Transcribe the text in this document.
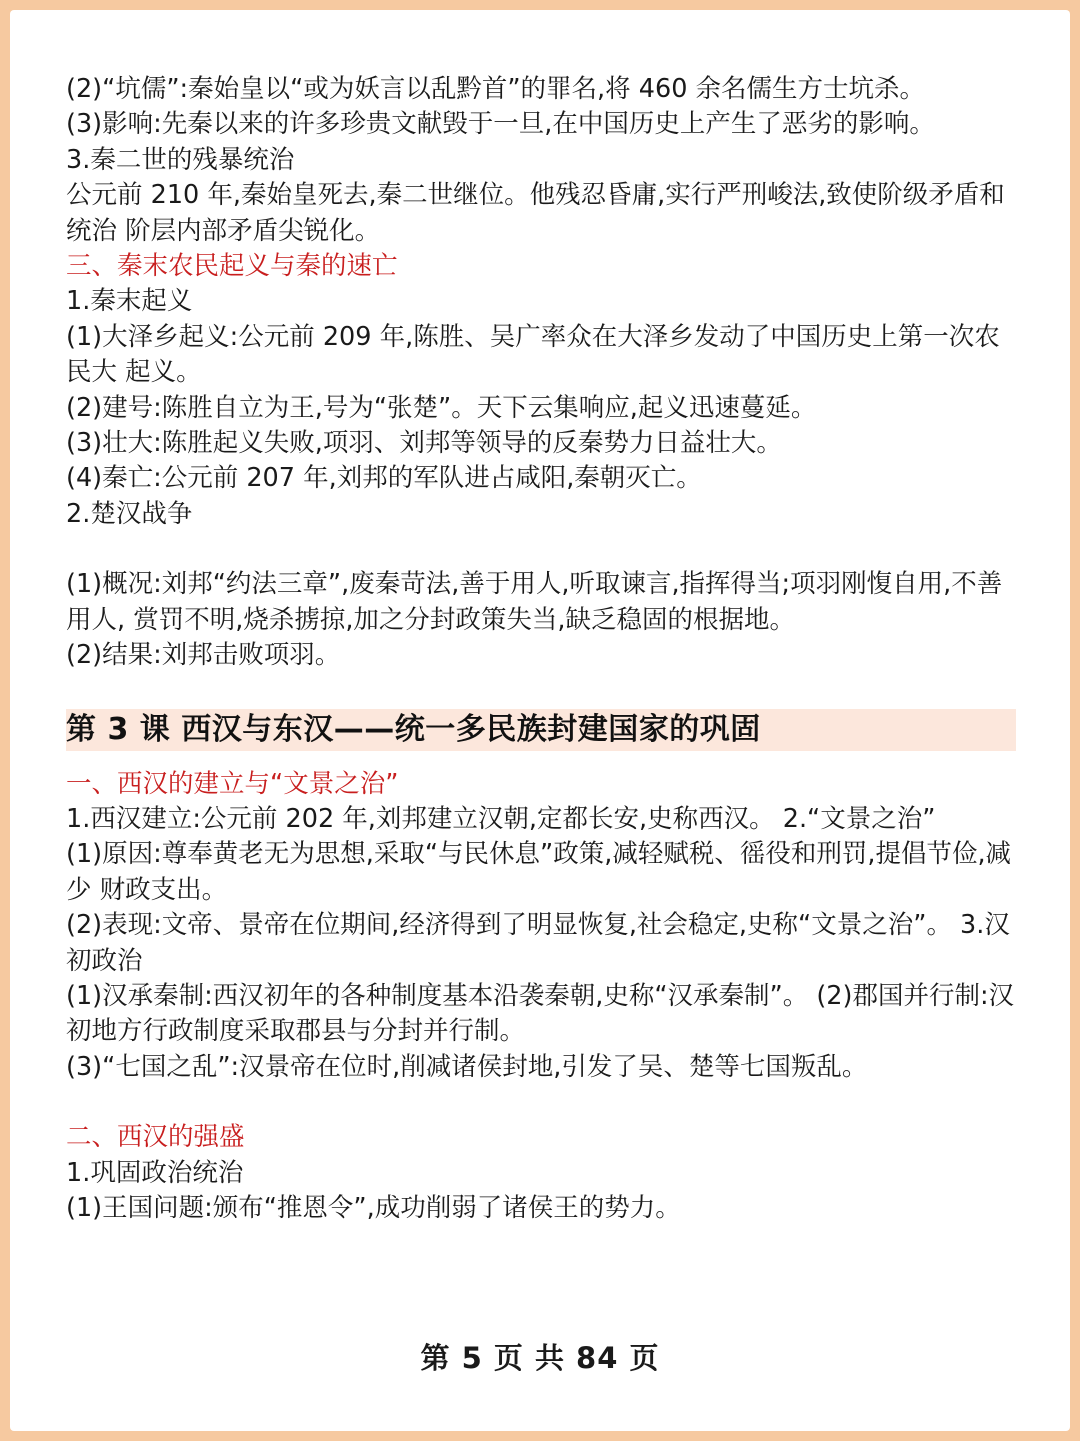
(2)“坑儒”:秦始皇以“或为妖言以乱黔首”的罪名,将 460 余名儒生方士坑杀。

(3)影响:先秦以来的许多珍贵文献毁于一旦,在中国历史上产生了恶劣的影响。

3.秦二世的残暴统治

公元前 210 年,秦始皇死去,秦二世继位。他残忍昏庸,实行严刑峻法,致使阶级矛盾和统治 阶层内部矛盾尖锐化。

三、秦末农民起义与秦的速亡

1.秦末起义

(1)大泽乡起义:公元前 209 年,陈胜、吴广率众在大泽乡发动了中国历史上第一次农民大 起义。

(2)建号:陈胜自立为王,号为“张楚”。天下云集响应,起义迅速蔓延。

(3)壮大:陈胜起义失败,项羽、刘邦等领导的反秦势力日益壮大。

(4)秦亡:公元前 207 年,刘邦的军队进占咸阳,秦朝灭亡。

2.楚汉战争

(1)概况:刘邦“约法三章”,废秦苛法,善于用人,听取谏言,指挥得当;项羽刚愎自用,不善用人, 赏罚不明,烧杀掳掠,加之分封政策失当,缺乏稳固的根据地。

(2)结果:刘邦击败项羽。

第 3 课 西汉与东汉——统一多民族封建国家的巩固

一、西汉的建立与“文景之治”

1.西汉建立:公元前 202 年,刘邦建立汉朝,定都长安,史称西汉。 2.“文景之治”

(1)原因:尊奉黄老无为思想,采取“与民休息”政策,减轻赋税、徭役和刑罚,提倡节俭,减少 财政支出。

(2)表现:文帝、景帝在位期间,经济得到了明显恢复,社会稳定,史称“文景之治”。 3.汉初政治

(1)汉承秦制:西汉初年的各种制度基本沿袭秦朝,史称“汉承秦制”。 (2)郡国并行制:汉初地方行政制度采取郡县与分封并行制。

(3)“七国之乱”:汉景帝在位时,削减诸侯封地,引发了吴、楚等七国叛乱。

二、西汉的强盛

1.巩固政治统治

(1)王国问题:颁布“推恩令”,成功削弱了诸侯王的势力。

第 5 页 共 84 页
